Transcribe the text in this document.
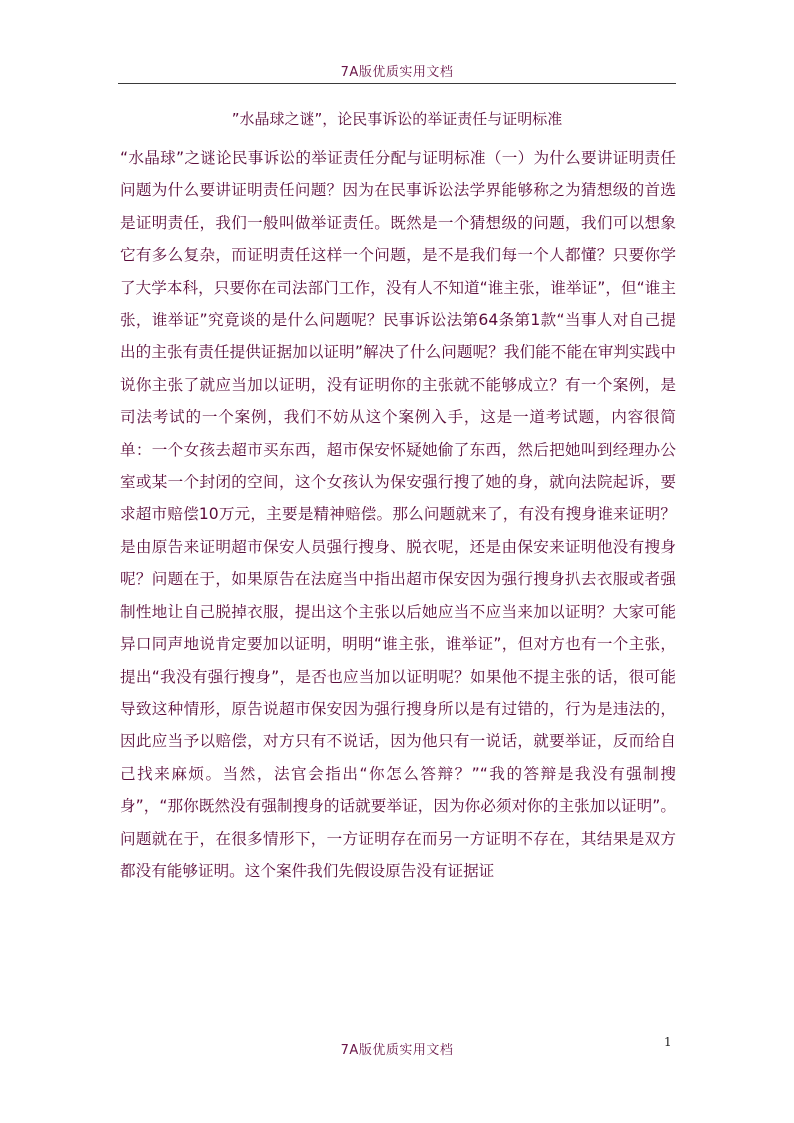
7A版优质实用文档
”水晶球之谜”，论民事诉讼的举证责任与证明标准

“水晶球”之谜论民事诉讼的举证责任分配与证明标准（一）为什么要讲证明责任问题为什么要讲证明责任问题？因为在民事诉讼法学界能够称之为猜想级的首选是证明责任，我们一般叫做举证责任。既然是一个猜想级的问题，我们可以想象它有多么复杂，而证明责任这样一个问题，是不是我们每一个人都懂？只要你学了大学本科，只要你在司法部门工作，没有人不知道“谁主张，谁举证”，但“谁主张，谁举证”究竟谈的是什么问题呢？民事诉讼法第64条第1款“当事人对自己提出的主张有责任提供证据加以证明”解决了什么问题呢？我们能不能在审判实践中说你主张了就应当加以证明，没有证明你的主张就不能够成立？有一个案例，是司法考试的一个案例，我们不妨从这个案例入手，这是一道考试题，内容很简单：一个女孩去超市买东西，超市保安怀疑她偷了东西，然后把她叫到经理办公室或某一个封闭的空间，这个女孩认为保安强行搜了她的身，就向法院起诉，要求超市赔偿10万元，主要是精神赔偿。那么问题就来了，有没有搜身谁来证明？是由原告来证明超市保安人员强行搜身、脱衣呢，还是由保安来证明他没有搜身呢？问题在于，如果原告在法庭当中指出超市保安因为强行搜身扒去衣服或者强制性地让自己脱掉衣服，提出这个主张以后她应当不应当来加以证明？大家可能异口同声地说肯定要加以证明，明明“谁主张，谁举证”，但对方也有一个主张，提出“我没有强行搜身”，是否也应当加以证明呢？如果他不提主张的话，很可能导致这种情形，原告说超市保安因为强行搜身所以是有过错的，行为是违法的，因此应当予以赔偿，对方只有不说话，因为他只有一说话，就要举证，反而给自己找来麻烦。当然，法官会指出“你怎么答辩？”“我的答辩是我没有强制搜身”，“那你既然没有强制搜身的话就要举证，因为你必须对你的主张加以证明”。问题就在于，在很多情形下，一方证明存在而另一方证明不存在，其结果是双方都没有能够证明。这个案件我们先假设原告没有证据证

1
7A版优质实用文档
